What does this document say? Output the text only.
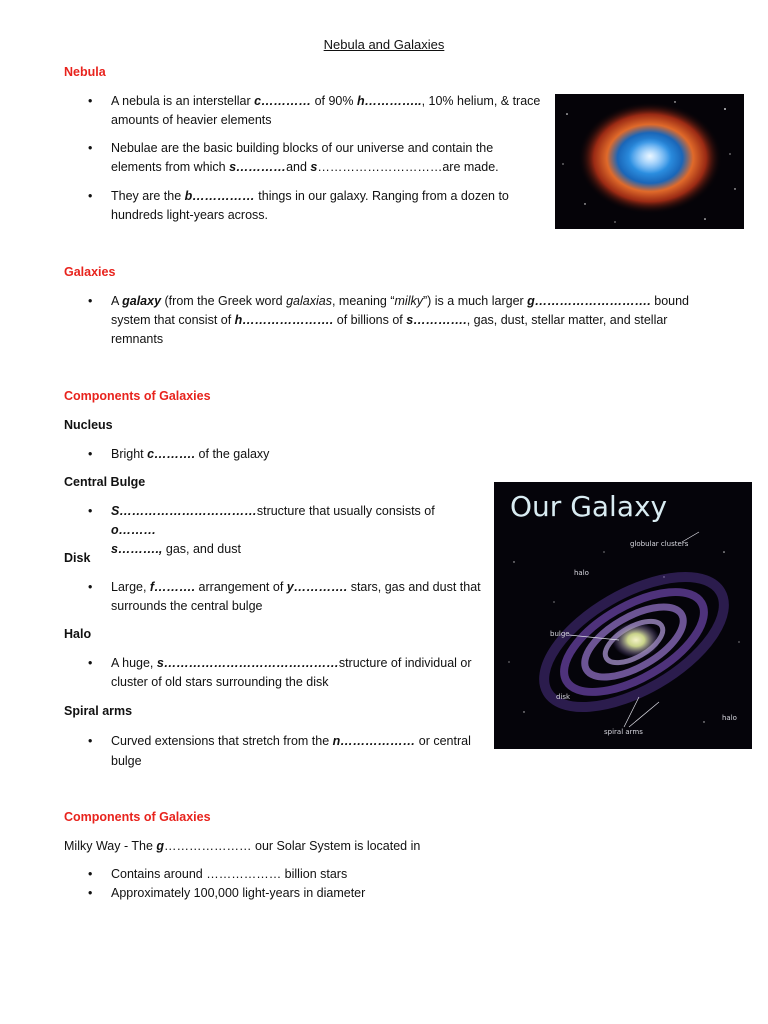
Nebula and Galaxies
Nebula
• A nebula is an interstellar c………… of 90% h………….., 10% helium, & trace
amounts of heavier elements
• Nebulae are the basic building blocks of our universe and contain the
elements from which s…………and s…………………………are made.
• They are the b…………… things in our galaxy. Ranging from a dozen to
hundreds light-years across.
Galaxies
• A galaxy (from the Greek word galaxias, meaning “milky”) is a much larger g………………………. bound
system that consist of h…………………. of billions of s…………., gas, dust, stellar matter, and stellar
remnants
Components of Galaxies
Nucleus
• Bright c………. of the galaxy
Central Bulge
• S……………………………structure that usually consists of o………
s………., gas, and dust
Disk
• Large, f………. arrangement of y…………. stars, gas and dust that
surrounds the central bulge
Halo
• A huge, s……………………………………structure of individual or
cluster of old stars surrounding the disk
Spiral arms
• Curved extensions that stretch from the n……………… or central
bulge
Our Galaxy
globular clusters
halo
bulge
disk
spiral arms
halo
Components of Galaxies
Milky Way - The g………………… our Solar System is located in
• Contains around ……………… billion stars
• Approximately 100,000 light-years in diameter
